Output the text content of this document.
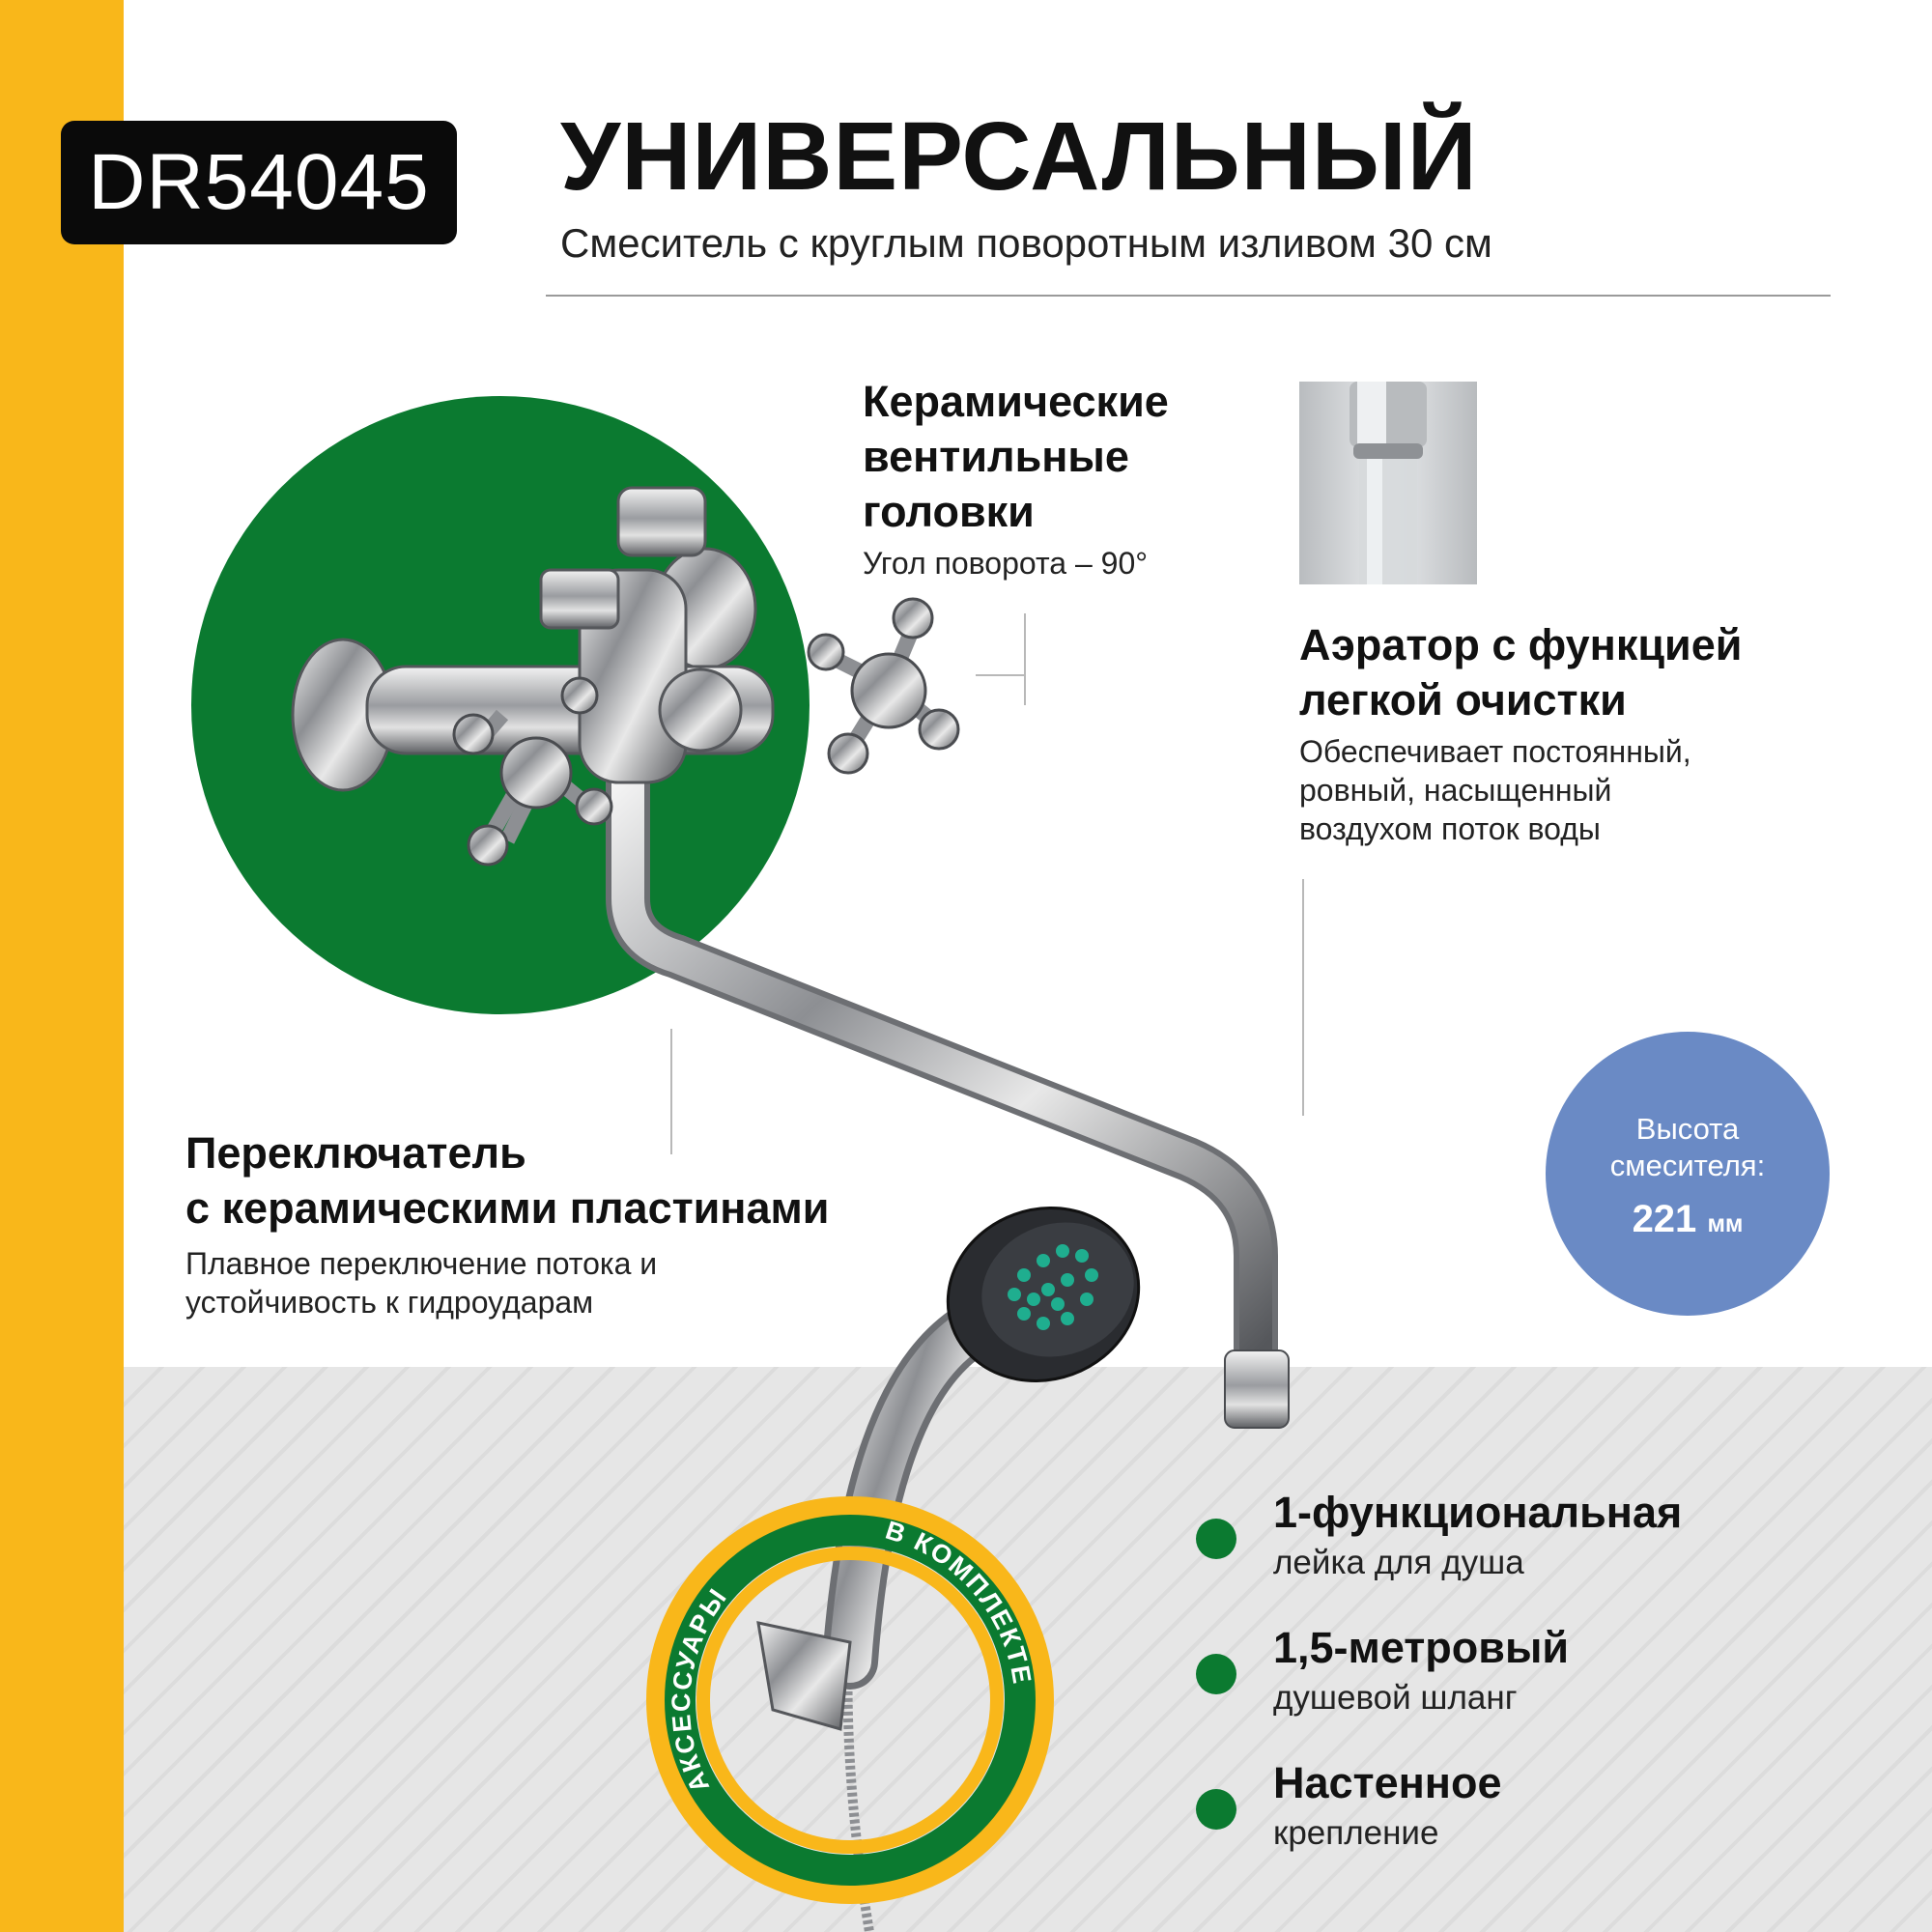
DR54045 УНИВЕРСАЛЬНЫЙ
Смеситель с круглым поворотным изливом 30 см
Керамические
вентильные
головки
Угол поворота – 90°
Аэратор с функцией
легкой очистки
Обеспечивает постоянный,
ровный, насыщенный
воздухом поток воды
Переключатель
с керамическими пластинами
Плавное переключение потока и
устойчивость к гидроударам
Высота
смесителя:
221 мм
АКСЕССУАРЫ
В КОМПЛЕКТЕ
1-функциональная
лейка для душа
1,5-метровый
душевой шланг
Настенное
крепление
